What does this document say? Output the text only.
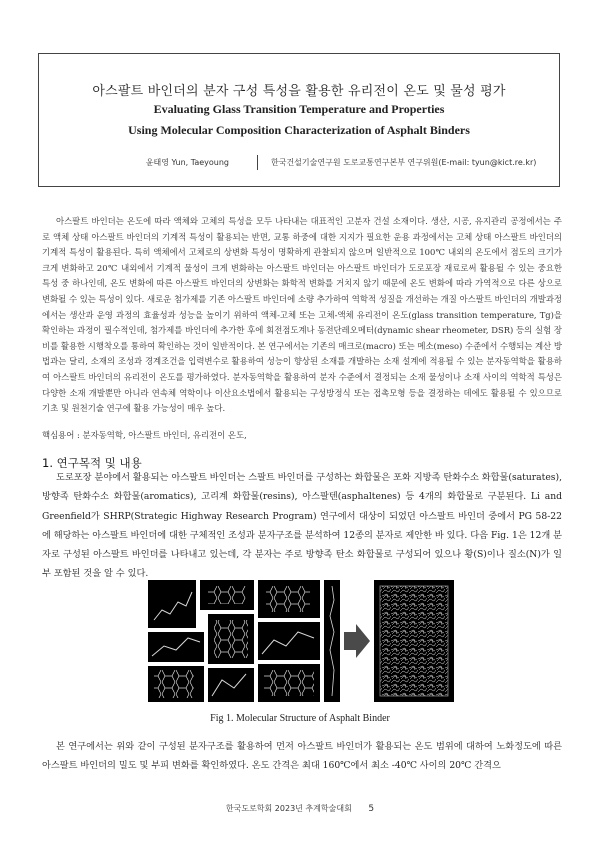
아스팔트 바인더의 분자 구성 특성을 활용한 유리전이 온도 및 물성 평가
Evaluating Glass Transition Temperature and Properties
Using Molecular Composition Characterization of Asphalt Binders
윤태영 Yun, Taeyoung	한국건설기술연구원 도로교통연구본부 연구위원(E-mail: tyun@kict.re.kr)

아스팔트 바인더는 온도에 따라 액체와 고체의 특성을 모두 나타내는 대표적인 고분자 건설 소재이다. 생산, 시공, 유지관리 공정에서는 주로 액체 상태 아스팔트 바인더의 기계적 특성이 활용되는 반면, 교통 하중에 대한 지지가 필요한 운용 과정에서는 고체 상태 아스팔트 바인더의 기계적 특성이 활용된다. 특히 액체에서 고체로의 상변화 특성이 명확하게 관찰되지 않으며 일반적으로 100℃ 내외의 온도에서 점도의 크기가 크게 변화하고 20℃ 내외에서 기계적 물성이 크게 변화하는 아스팔트 바인더는 아스팔트 바인더가 도로포장 재료로써 활용될 수 있는 중요한 특성 중 하나인데, 온도 변화에 따른 아스팔트 바인더의 상변화는 화학적 변화를 거치지 않기 때문에 온도 변화에 따라 가역적으로 다른 상으로 변화될 수 있는 특성이 있다. 새로운 첨가제를 기존 아스팔트 바인더에 소량 추가하여 역학적 성질을 개선하는 개질 아스팔트 바인더의 개발과정에서는 생산과 운영 과정의 효율성과 성능을 높이기 위하여 액체-고체 또는 고체-액체 유리전이 온도(glass transition temperature, Tg)을 확인하는 과정이 필수적인데, 첨가제를 바인더에 추가한 후에 회전점도계나 동전단레오메터(dynamic shear rheometer, DSR) 등의 실험 장비를 활용한 시행착오를 통하여 확인하는 것이 일반적이다. 본 연구에서는 기존의 매크로(macro) 또는 메소(meso) 수준에서 수행되는 계산 방법과는 달리, 소재의 조성과 경계조건을 입력변수로 활용하여 성능이 향상된 소재를 개발하는 소재 설계에 적용될 수 있는 분자동역학을 활용하여 아스팔트 바인더의 유리전이 온도를 평가하였다. 분자동역학을 활용하여 분자 수준에서 결정되는 소재 물성이나 소재 사이의 역학적 특성은 다양한 소재 개발뿐만 아니라 연속체 역학이나 이산요소법에서 활용되는 구성방정식 또는 접촉모형 등을 결정하는 데에도 활용될 수 있으므로 기초 및 원천기술 연구에 활용 가능성이 매우 높다.

핵심용어 : 분자동역학, 아스팔트 바인더, 유리전이 온도,
1. 연구목적 및 내용

도로포장 분야에서 활용되는 아스팔트 바인더는 스팔트 바인더를 구성하는 화합물은 포화 지방족 탄화수소 화합물(saturates), 방향족 탄화수소 화합물(aromatics), 고리계 화합물(resins), 아스팔텐(asphaltenes) 등 4개의 화합물로 구분된다. Li and Greenfield가 SHRP(Strategic Highway Research Program) 연구에서 대상이 되었던 아스팔트 바인더 중에서 PG 58-22에 해당하는 아스팔트 바인더에 대한 구체적인 조성과 분자구조를 분석하여 12종의 분자로 제안한 바 있다. 다음 Fig. 1은 12개 분자로 구성된 아스팔트 바인더를 나타내고 있는데, 각 분자는 주로 방향족 탄소 화합물로 구성되어 있으나 황(S)이나 질소(N)가 일부 포함된 것을 알 수 있다.

Fig 1. Molecular Structure of Asphalt Binder

본 연구에서는 위와 같이 구성된 분자구조를 활용하여 먼저 아스팔트 바인더가 활용되는 온도 범위에 대하여 노화정도에 따른 아스팔트 바인더의 밀도 및 부피 변화를 확인하였다. 온도 간격은 최대 160℃에서 최소 -40℃ 사이의 20℃ 간격으

한국도로학회 2023년 추계학술대회 5
